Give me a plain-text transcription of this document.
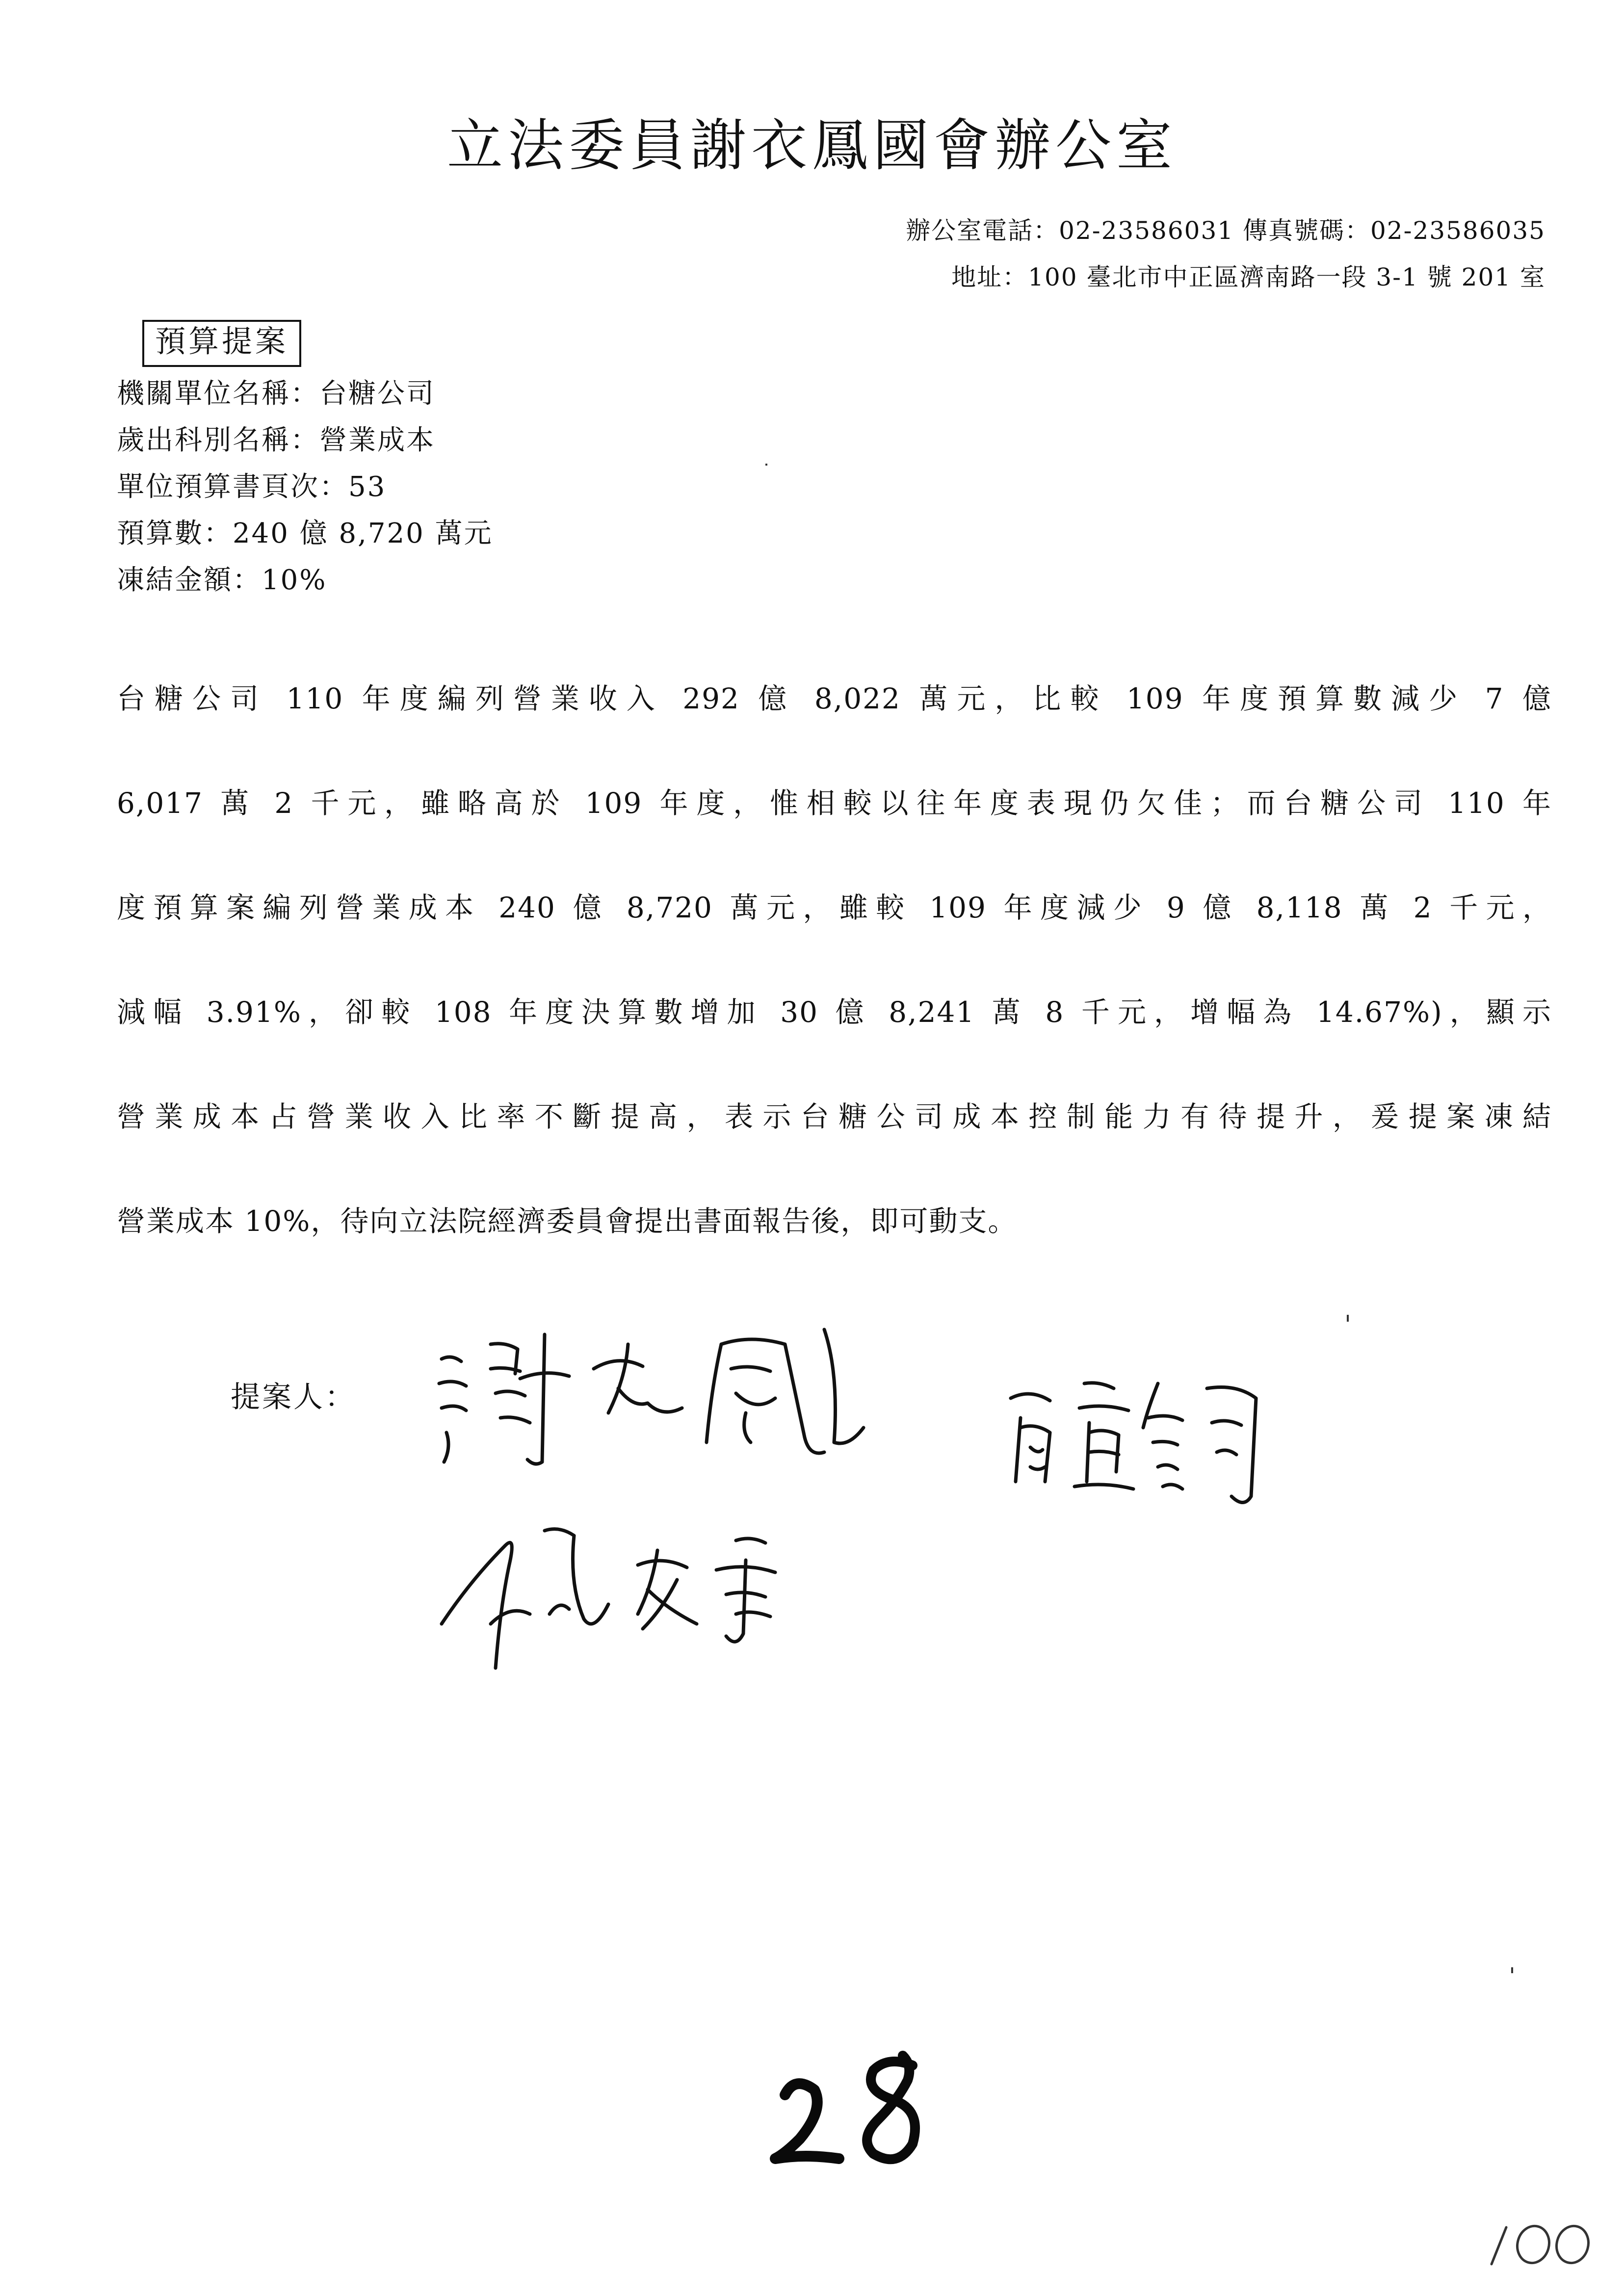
立法委員謝衣鳳國會辦公室
辦公室電話：02-23586031 傳真號碼：02-23586035
地址：100 臺北市中正區濟南路一段 3-1 號 201 室
預算提案
機關單位名稱：台糖公司
歲出科別名稱：營業成本
單位預算書頁次：53
預算數：240 億 8,720 萬元
凍結金額：10%
台糖公司 110 年度編列營業收入 292 億 8,022 萬元，比較 109 年度預算數減少 7 億
6,017 萬 2 千元，雖略高於 109 年度，惟相較以往年度表現仍欠佳；而台糖公司 110 年
度預算案編列營業成本 240 億 8,720 萬元，雖較 109 年度減少 9 億 8,118 萬 2 千元，
減幅 3.91%，卻較 108 年度決算數增加 30 億 8,241 萬 8 千元，增幅為 14.67%)，顯示
營業成本占營業收入比率不斷提高，表示台糖公司成本控制能力有待提升，爰提案凍結
營業成本 10%，待向立法院經濟委員會提出書面報告後，即可動支。
提案人：
